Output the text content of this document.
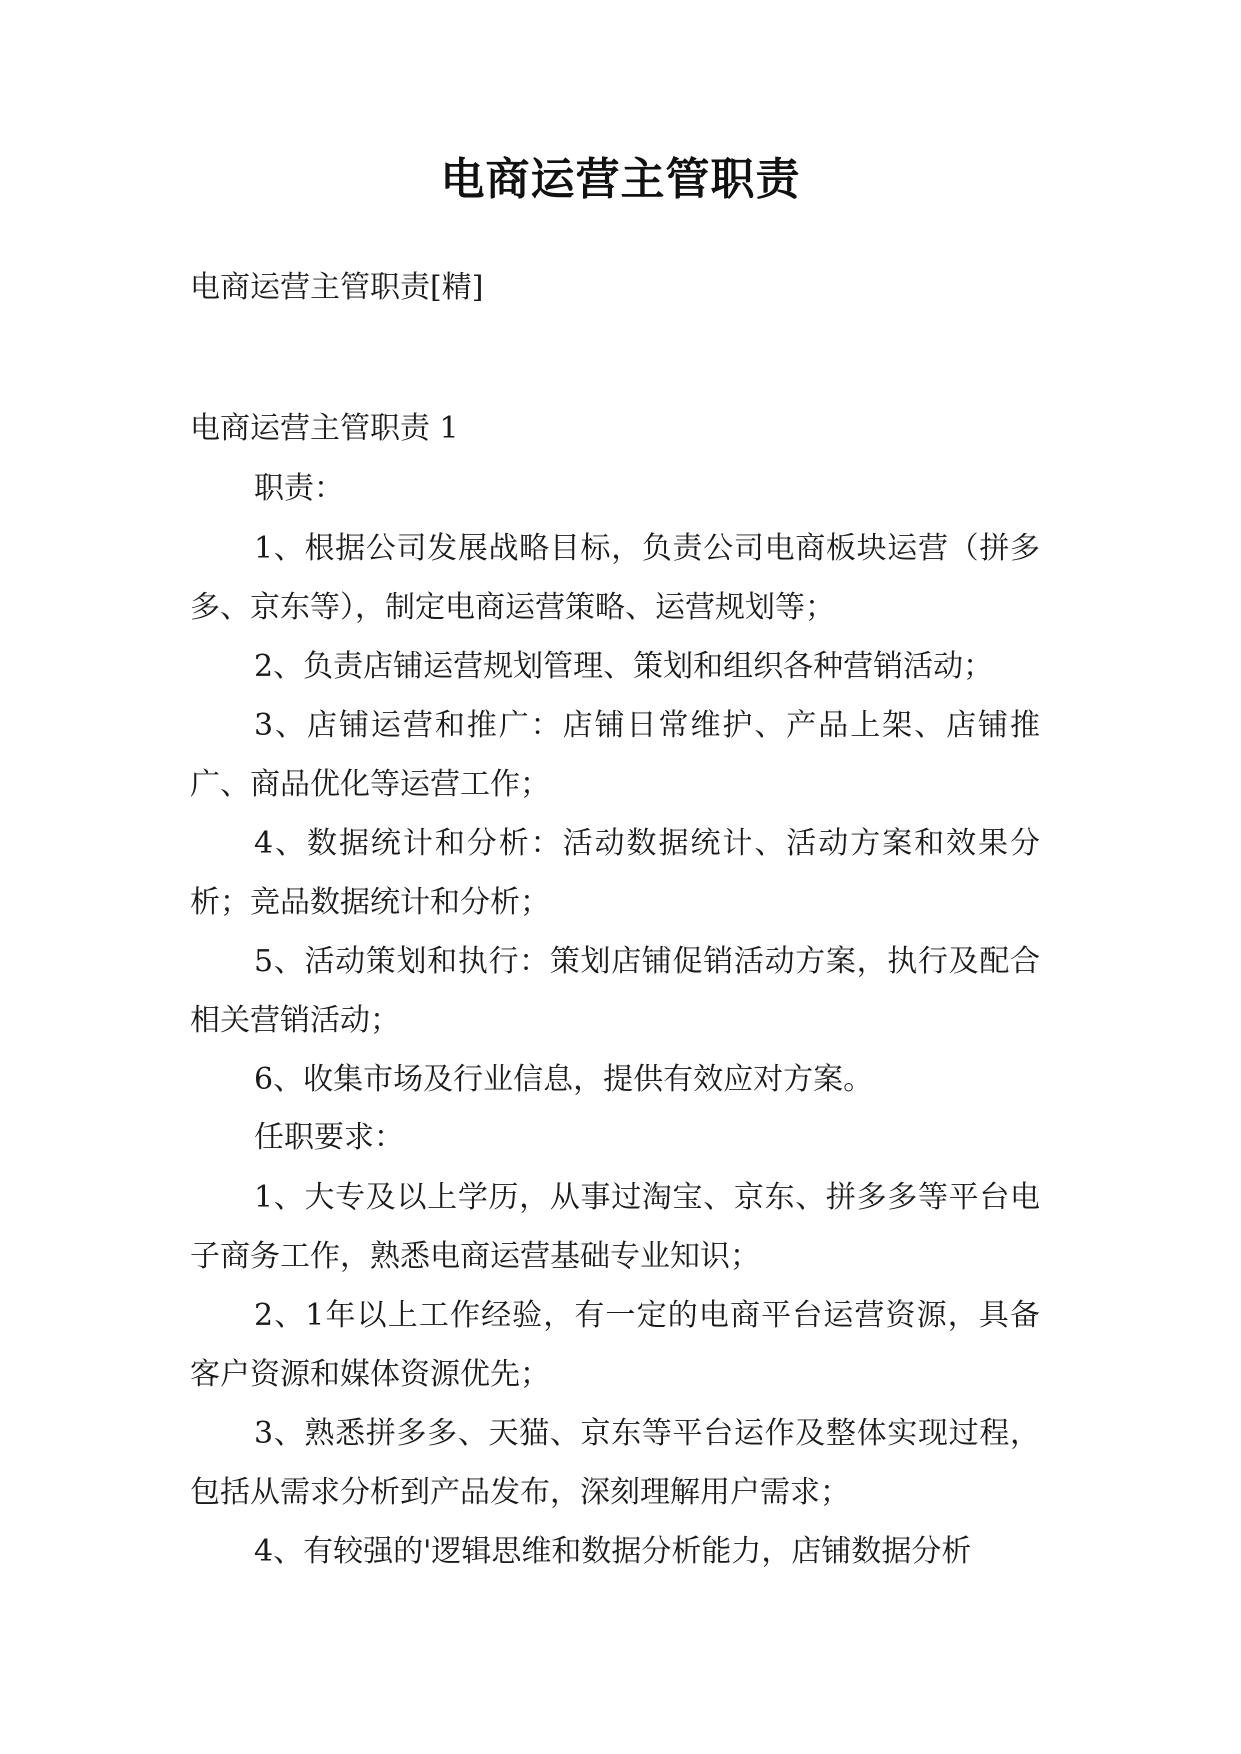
电商运营主管职责
电商运营主管职责[精]
电商运营主管职责 1
职责：
1、根据公司发展战略目标，负责公司电商板块运营（拼多多、京东等），制定电商运营策略、运营规划等；
2、负责店铺运营规划管理、策划和组织各种营销活动；
3、店铺运营和推广：店铺日常维护、产品上架、店铺推广、商品优化等运营工作；
4、数据统计和分析：活动数据统计、活动方案和效果分析；竞品数据统计和分析；
5、活动策划和执行：策划店铺促销活动方案，执行及配合相关营销活动；
6、收集市场及行业信息，提供有效应对方案。
任职要求：
1、大专及以上学历，从事过淘宝、京东、拼多多等平台电子商务工作，熟悉电商运营基础专业知识；
2、1年以上工作经验，有一定的电商平台运营资源，具备客户资源和媒体资源优先；
3、熟悉拼多多、天猫、京东等平台运作及整体实现过程，包括从需求分析到产品发布，深刻理解用户需求；
4、有较强的'逻辑思维和数据分析能力，店铺数据分析
